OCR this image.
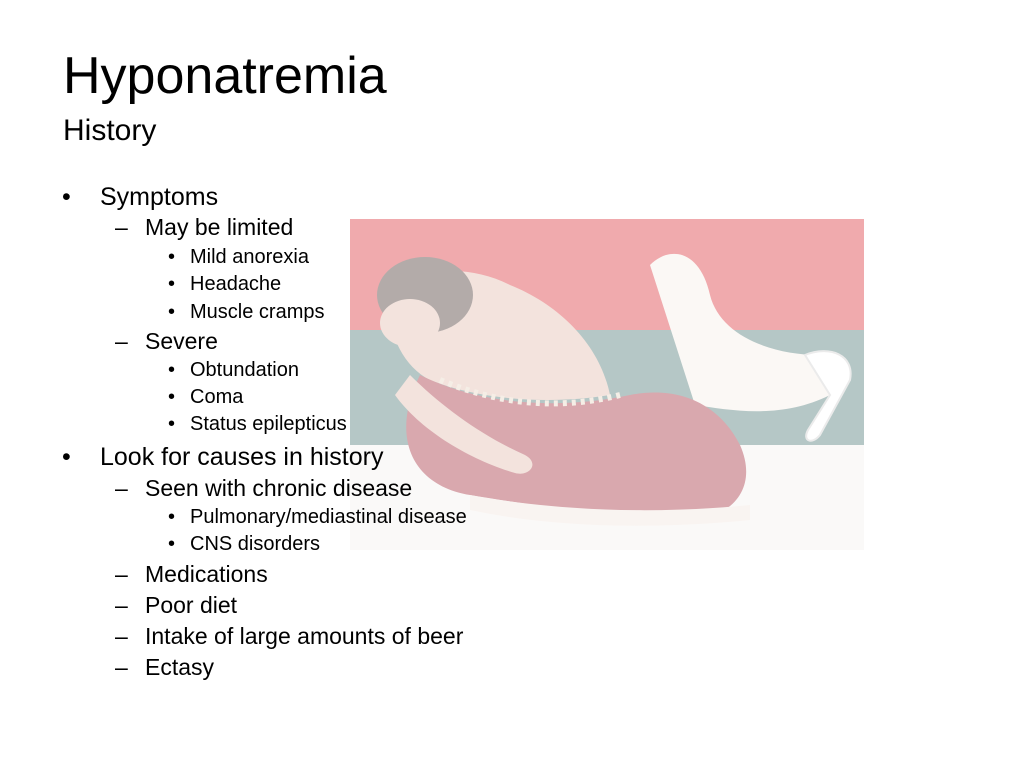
Hyponatremia
History
• Symptoms
– May be limited
• Mild anorexia
• Headache
• Muscle cramps
– Severe
• Obtundation
• Coma
• Status epilepticus
• Look for causes in history
– Seen with chronic disease
• Pulmonary/mediastinal disease
• CNS disorders
– Medications
– Poor diet
– Intake of large amounts of beer
– Ectasy
